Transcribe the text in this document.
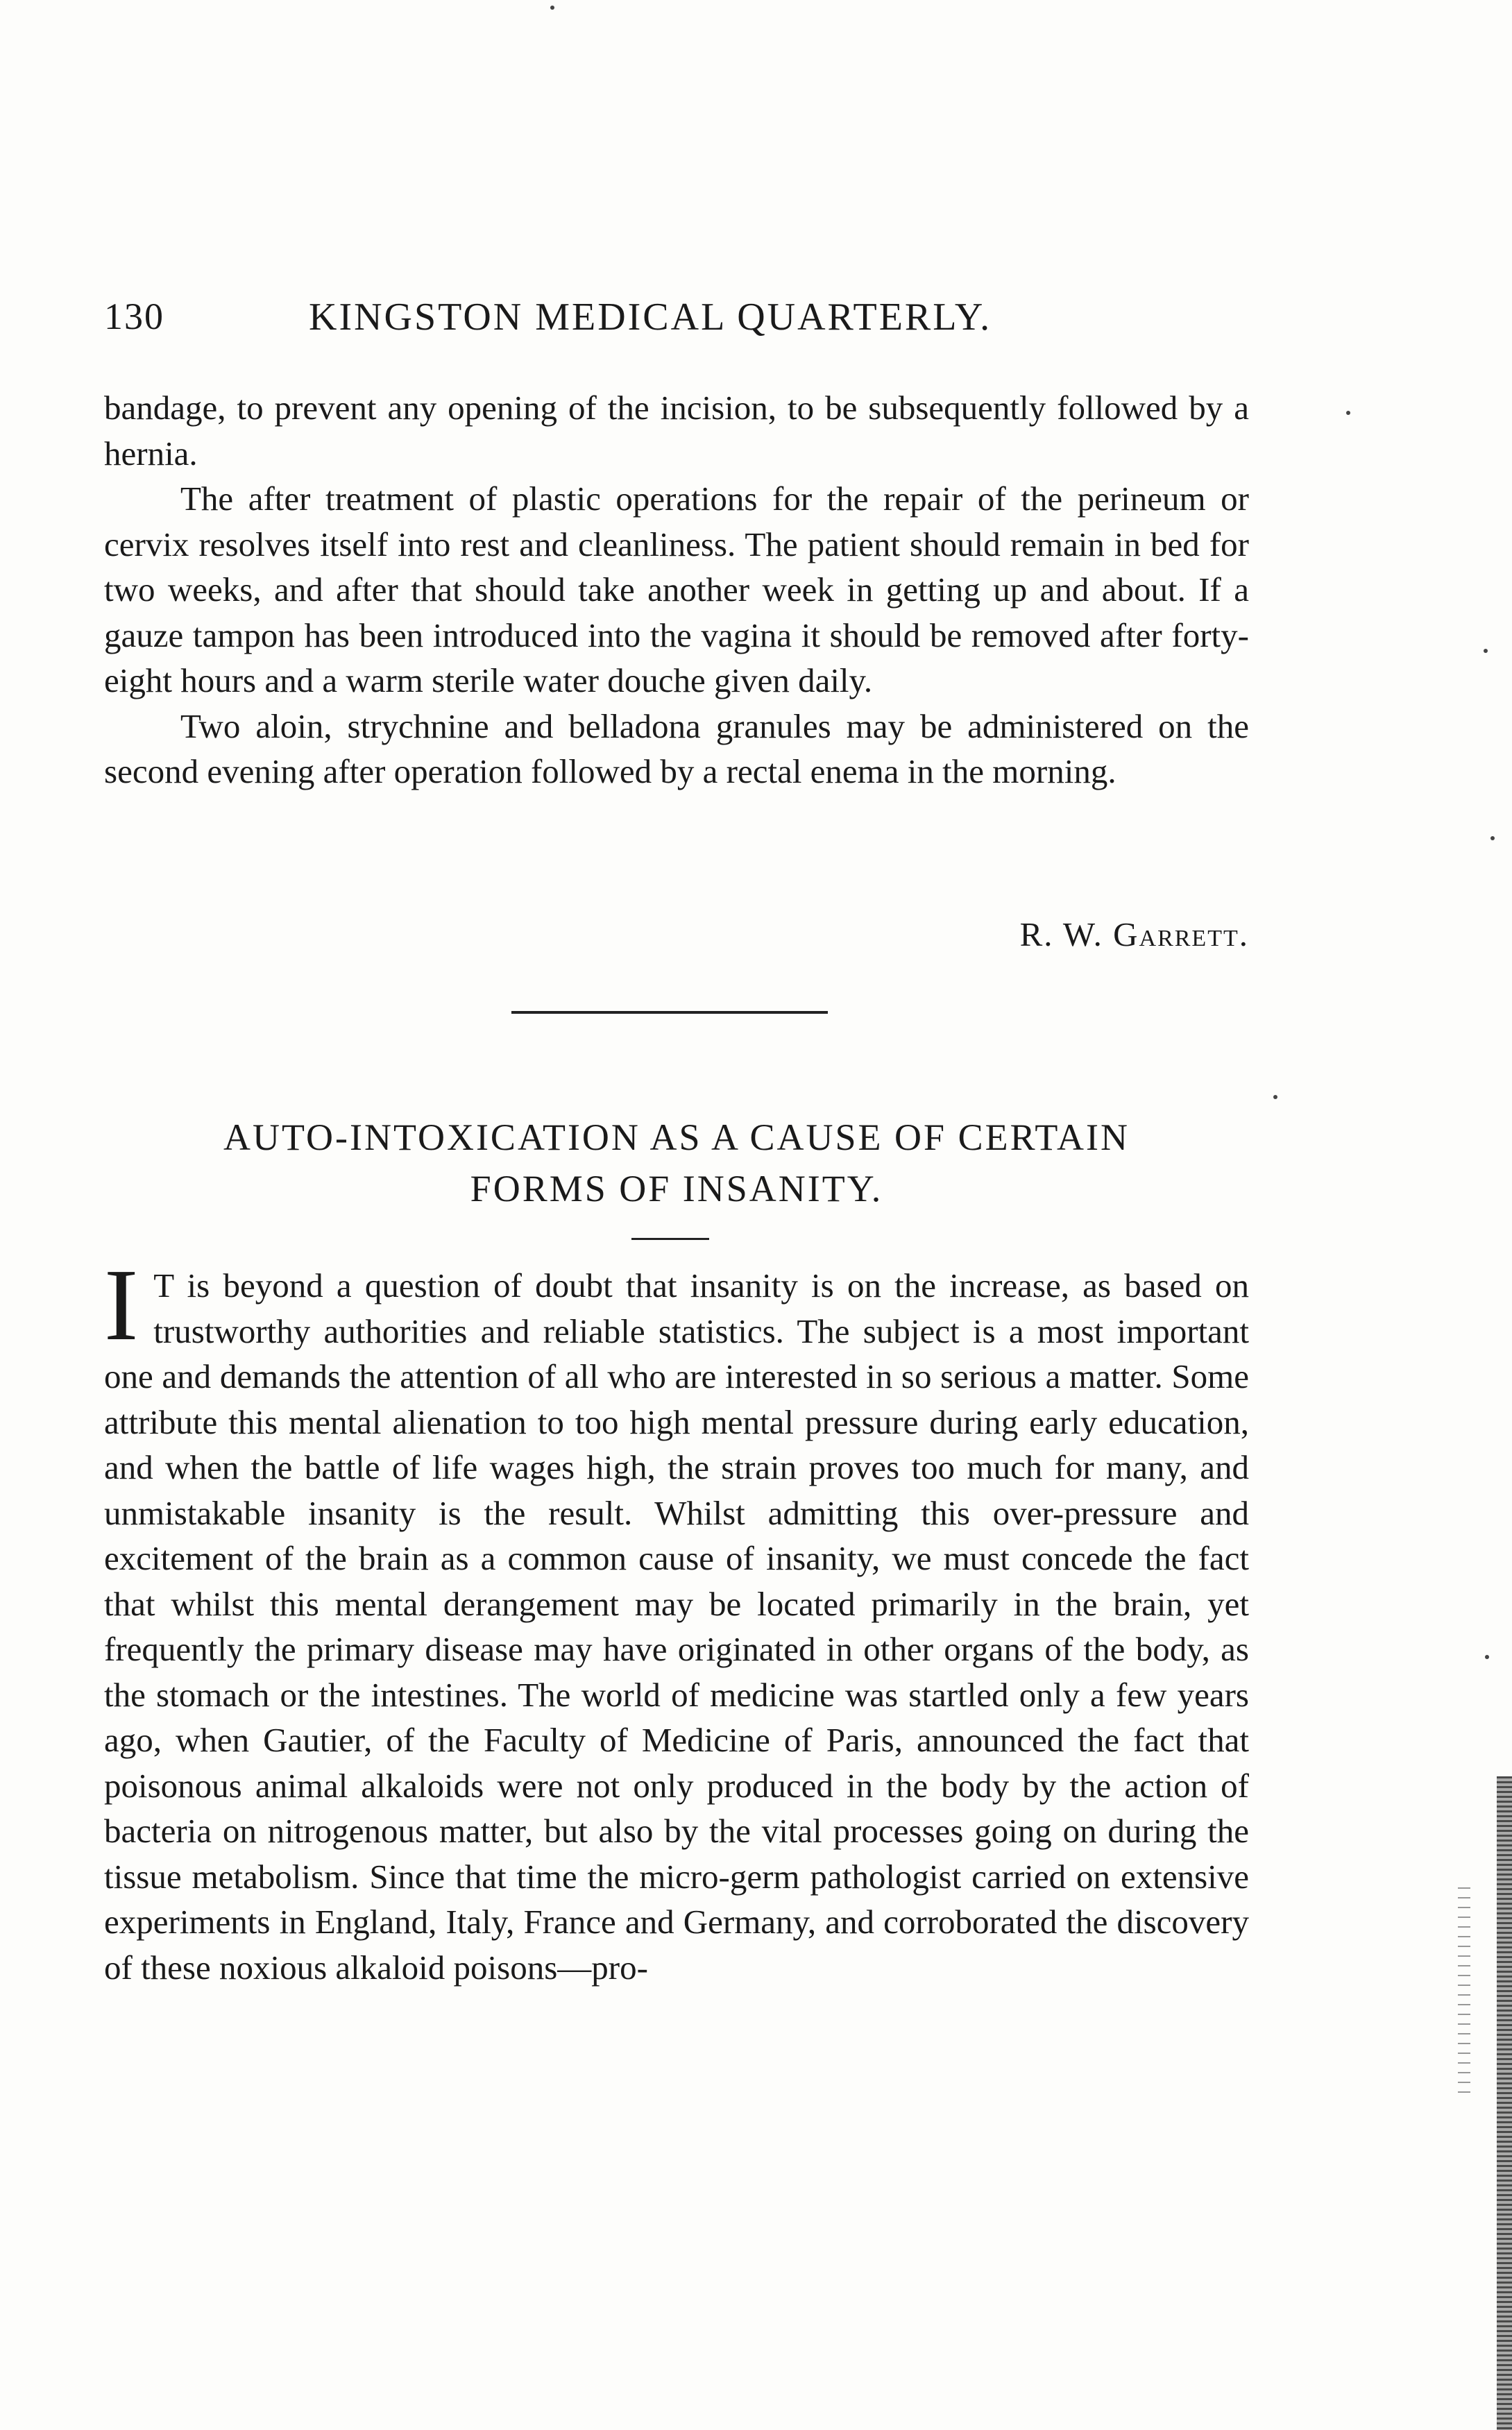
130	KINGSTON MEDICAL QUARTERLY.

bandage, to prevent any opening of the incision, to be subsequently followed by a hernia.

The after treatment of plastic operations for the repair of the perineum or cervix resolves itself into rest and cleanliness. The patient should remain in bed for two weeks, and after that should take another week in getting up and about. If a gauze tampon has been introduced into the vagina it should be removed after forty-eight hours and a warm sterile water douche given daily.

Two aloin, strychnine and belladona granules may be administered on the second evening after operation followed by a rectal enema in the morning.

R. W. Garrett.

AUTO-INTOXICATION AS A CAUSE OF CERTAIN

FORMS OF INSANITY.

I T is beyond a question of doubt that insanity is on the increase, as based on trustworthy authorities and reliable statistics. The subject is a most important one and demands the attention of all who are interested in so serious a matter. Some attribute this mental alienation to too high mental pressure during early education, and when the battle of life wages high, the strain proves too much for many, and unmistakable insanity is the result. Whilst admitting this over-pressure and excitement of the brain as a common cause of insanity, we must concede the fact that whilst this mental derangement may be located primarily in the brain, yet frequently the primary disease may have originated in other organs of the body, as the stomach or the intestines. The world of medicine was startled only a few years ago, when Gautier, of the Faculty of Medicine of Paris, announced the fact that poisonous animal alkaloids were not only produced in the body by the action of bacteria on nitrogenous matter, but also by the vital processes going on during the tissue metabolism. Since that time the micro-germ pathologist carried on extensive experiments in England, Italy, France and Germany, and corroborated the discovery of these noxious alkaloid poisons—pro-
